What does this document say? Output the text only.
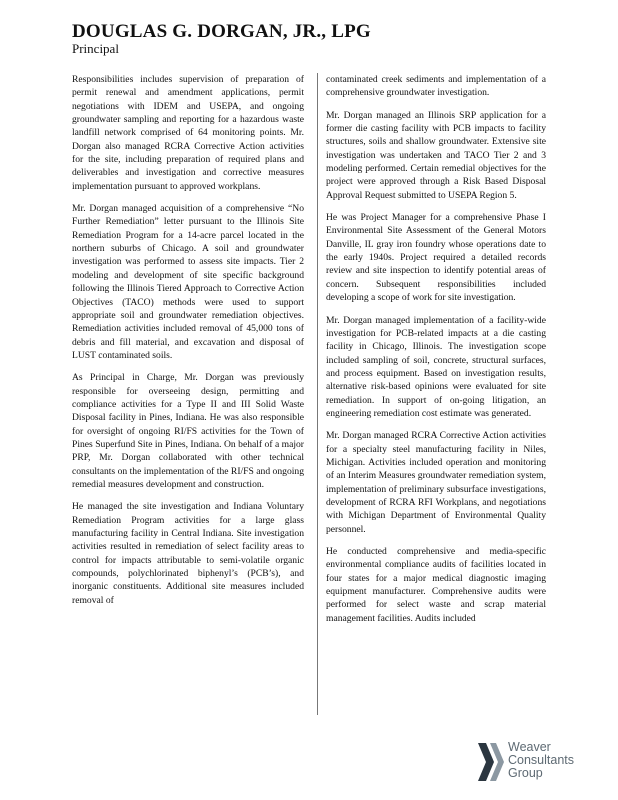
DOUGLAS G. DORGAN, JR., LPG
Principal

Responsibilities includes supervision of preparation of permit renewal and amendment applications, permit negotiations with IDEM and USEPA, and ongoing groundwater sampling and reporting for a hazardous waste landfill network comprised of 64 monitoring points. Mr. Dorgan also managed RCRA Corrective Action activities for the site, including preparation of required plans and deliverables and investigation and corrective measures implementation pursuant to approved workplans.

Mr. Dorgan managed acquisition of a comprehensive “No Further Remediation” letter pursuant to the Illinois Site Remediation Program for a 14-acre parcel located in the northern suburbs of Chicago. A soil and groundwater investigation was performed to assess site impacts. Tier 2 modeling and development of site specific background following the Illinois Tiered Approach to Corrective Action Objectives (TACO) methods were used to support appropriate soil and groundwater remediation objectives. Remediation activities included removal of 45,000 tons of debris and fill material, and excavation and disposal of LUST contaminated soils.

As Principal in Charge, Mr. Dorgan was previously responsible for overseeing design, permitting and compliance activities for a Type II and III Solid Waste Disposal facility in Pines, Indiana. He was also responsible for oversight of ongoing RI/FS activities for the Town of Pines Superfund Site in Pines, Indiana. On behalf of a major PRP, Mr. Dorgan collaborated with other technical consultants on the implementation of the RI/FS and ongoing remedial measures development and construction.

He managed the site investigation and Indiana Voluntary Remediation Program activities for a large glass manufacturing facility in Central Indiana. Site investigation activities resulted in remediation of select facility areas to control for impacts attributable to semi-volatile organic compounds, polychlorinated biphenyl’s (PCB’s), and inorganic constituents. Additional site measures included removal of

contaminated creek sediments and implementation of a comprehensive groundwater investigation.

Mr. Dorgan managed an Illinois SRP application for a former die casting facility with PCB impacts to facility structures, soils and shallow groundwater. Extensive site investigation was undertaken and TACO Tier 2 and 3 modeling performed. Certain remedial objectives for the project were approved through a Risk Based Disposal Approval Request submitted to USEPA Region 5.

He was Project Manager for a comprehensive Phase I Environmental Site Assessment of the General Motors Danville, IL gray iron foundry whose operations date to the early 1940s. Project required a detailed records review and site inspection to identify potential areas of concern. Subsequent responsibilities included developing a scope of work for site investigation.

Mr. Dorgan managed implementation of a facility-wide investigation for PCB-related impacts at a die casting facility in Chicago, Illinois. The investigation scope included sampling of soil, concrete, structural surfaces, and process equipment. Based on investigation results, alternative risk-based opinions were evaluated for site remediation. In support of on-going litigation, an engineering remediation cost estimate was generated.

Mr. Dorgan managed RCRA Corrective Action activities for a specialty steel manufacturing facility in Niles, Michigan. Activities included operation and monitoring of an Interim Measures groundwater remediation system, implementation of preliminary subsurface investigations, development of RCRA RFI Workplans, and negotiations with Michigan Department of Environmental Quality personnel.

He conducted comprehensive and media-specific environmental compliance audits of facilities located in four states for a major medical diagnostic imaging equipment manufacturer. Comprehensive audits were performed for select waste and scrap material management facilities. Audits included

Weaver
Consultants
Group
